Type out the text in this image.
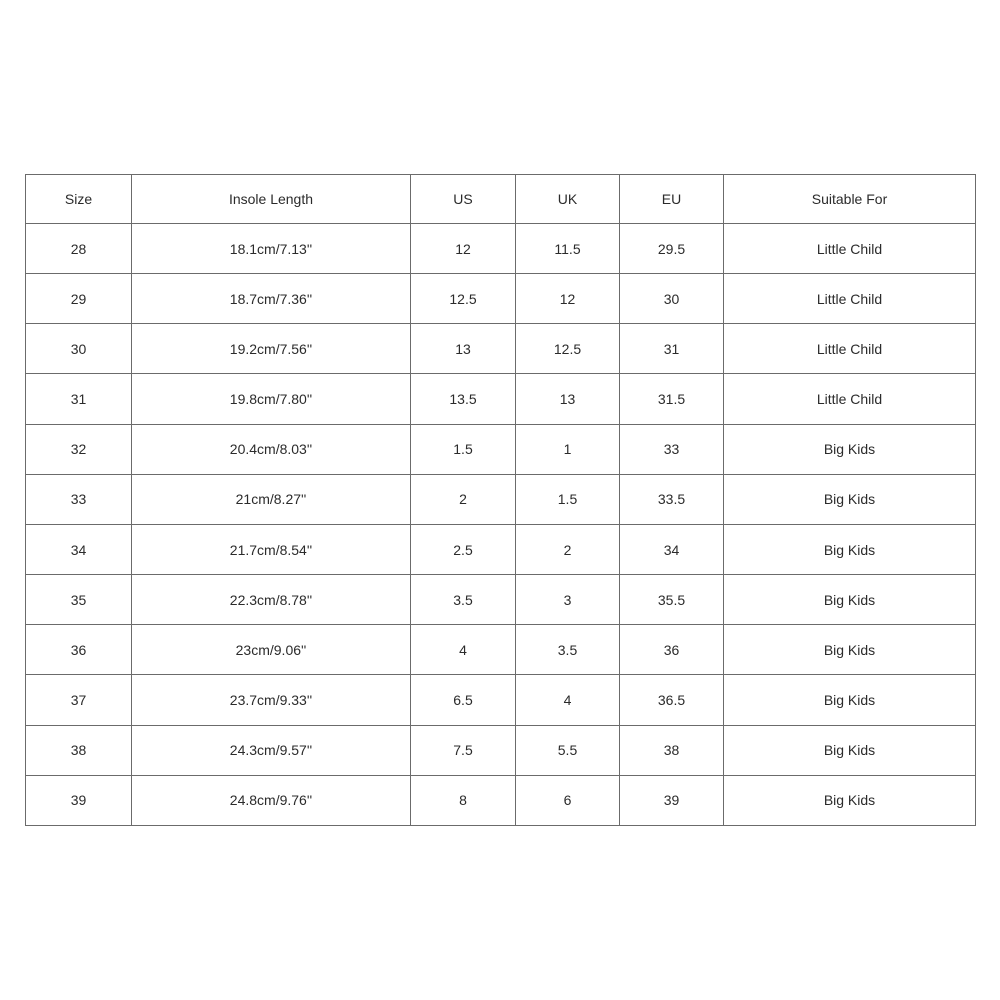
Size	Insole Length	US	UK	EU	Suitable For
28	18.1cm/7.13''	12	11.5	29.5	Little Child
29	18.7cm/7.36''	12.5	12	30	Little Child
30	19.2cm/7.56''	13	12.5	31	Little Child
31	19.8cm/7.80''	13.5	13	31.5	Little Child
32	20.4cm/8.03''	1.5	1	33	Big Kids
33	21cm/8.27''	2	1.5	33.5	Big Kids
34	21.7cm/8.54''	2.5	2	34	Big Kids
35	22.3cm/8.78''	3.5	3	35.5	Big Kids
36	23cm/9.06''	4	3.5	36	Big Kids
37	23.7cm/9.33''	6.5	4	36.5	Big Kids
38	24.3cm/9.57''	7.5	5.5	38	Big Kids
39	24.8cm/9.76''	8	6	39	Big Kids
